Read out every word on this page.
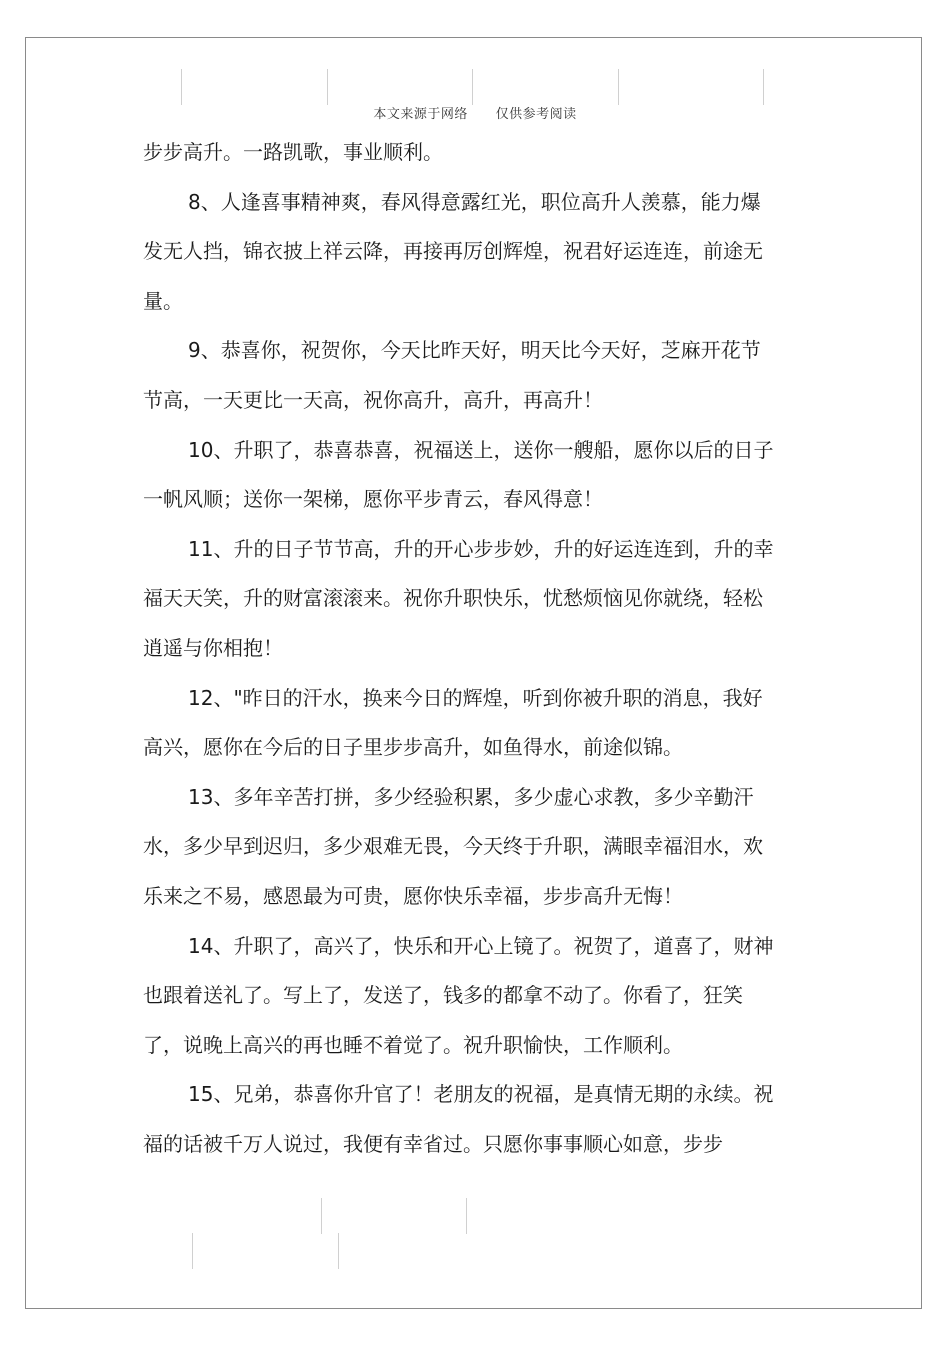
本文来源于网络      仅供参考阅读

步步高升。一路凯歌，事业顺利。

8、人逢喜事精神爽，春风得意露红光，职位高升人羡慕，能力爆发无人挡，锦衣披上祥云降，再接再厉创辉煌，祝君好运连连，前途无量。

9、恭喜你，祝贺你，今天比昨天好，明天比今天好，芝麻开花节节高，一天更比一天高，祝你高升，高升，再高升！

10、升职了，恭喜恭喜，祝福送上，送你一艘船，愿你以后的日子一帆风顺；送你一架梯，愿你平步青云，春风得意！

11、升的日子节节高，升的开心步步妙，升的好运连连到，升的幸福天天笑，升的财富滚滚来。祝你升职快乐，忧愁烦恼见你就绕，轻松逍遥与你相抱！

12、"昨日的汗水，换来今日的辉煌，听到你被升职的消息，我好高兴，愿你在今后的日子里步步高升，如鱼得水，前途似锦。

13、多年辛苦打拼，多少经验积累，多少虚心求教，多少辛勤汗水，多少早到迟归，多少艰难无畏，今天终于升职，满眼幸福泪水，欢乐来之不易，感恩最为可贵，愿你快乐幸福，步步高升无悔！

14、升职了，高兴了，快乐和开心上镜了。祝贺了，道喜了，财神也跟着送礼了。写上了，发送了，钱多的都拿不动了。你看了，狂笑了，说晚上高兴的再也睡不着觉了。祝升职愉快，工作顺利。

15、兄弟，恭喜你升官了！老朋友的祝福，是真情无期的永续。祝福的话被千万人说过，我便有幸省过。只愿你事事顺心如意，步步
